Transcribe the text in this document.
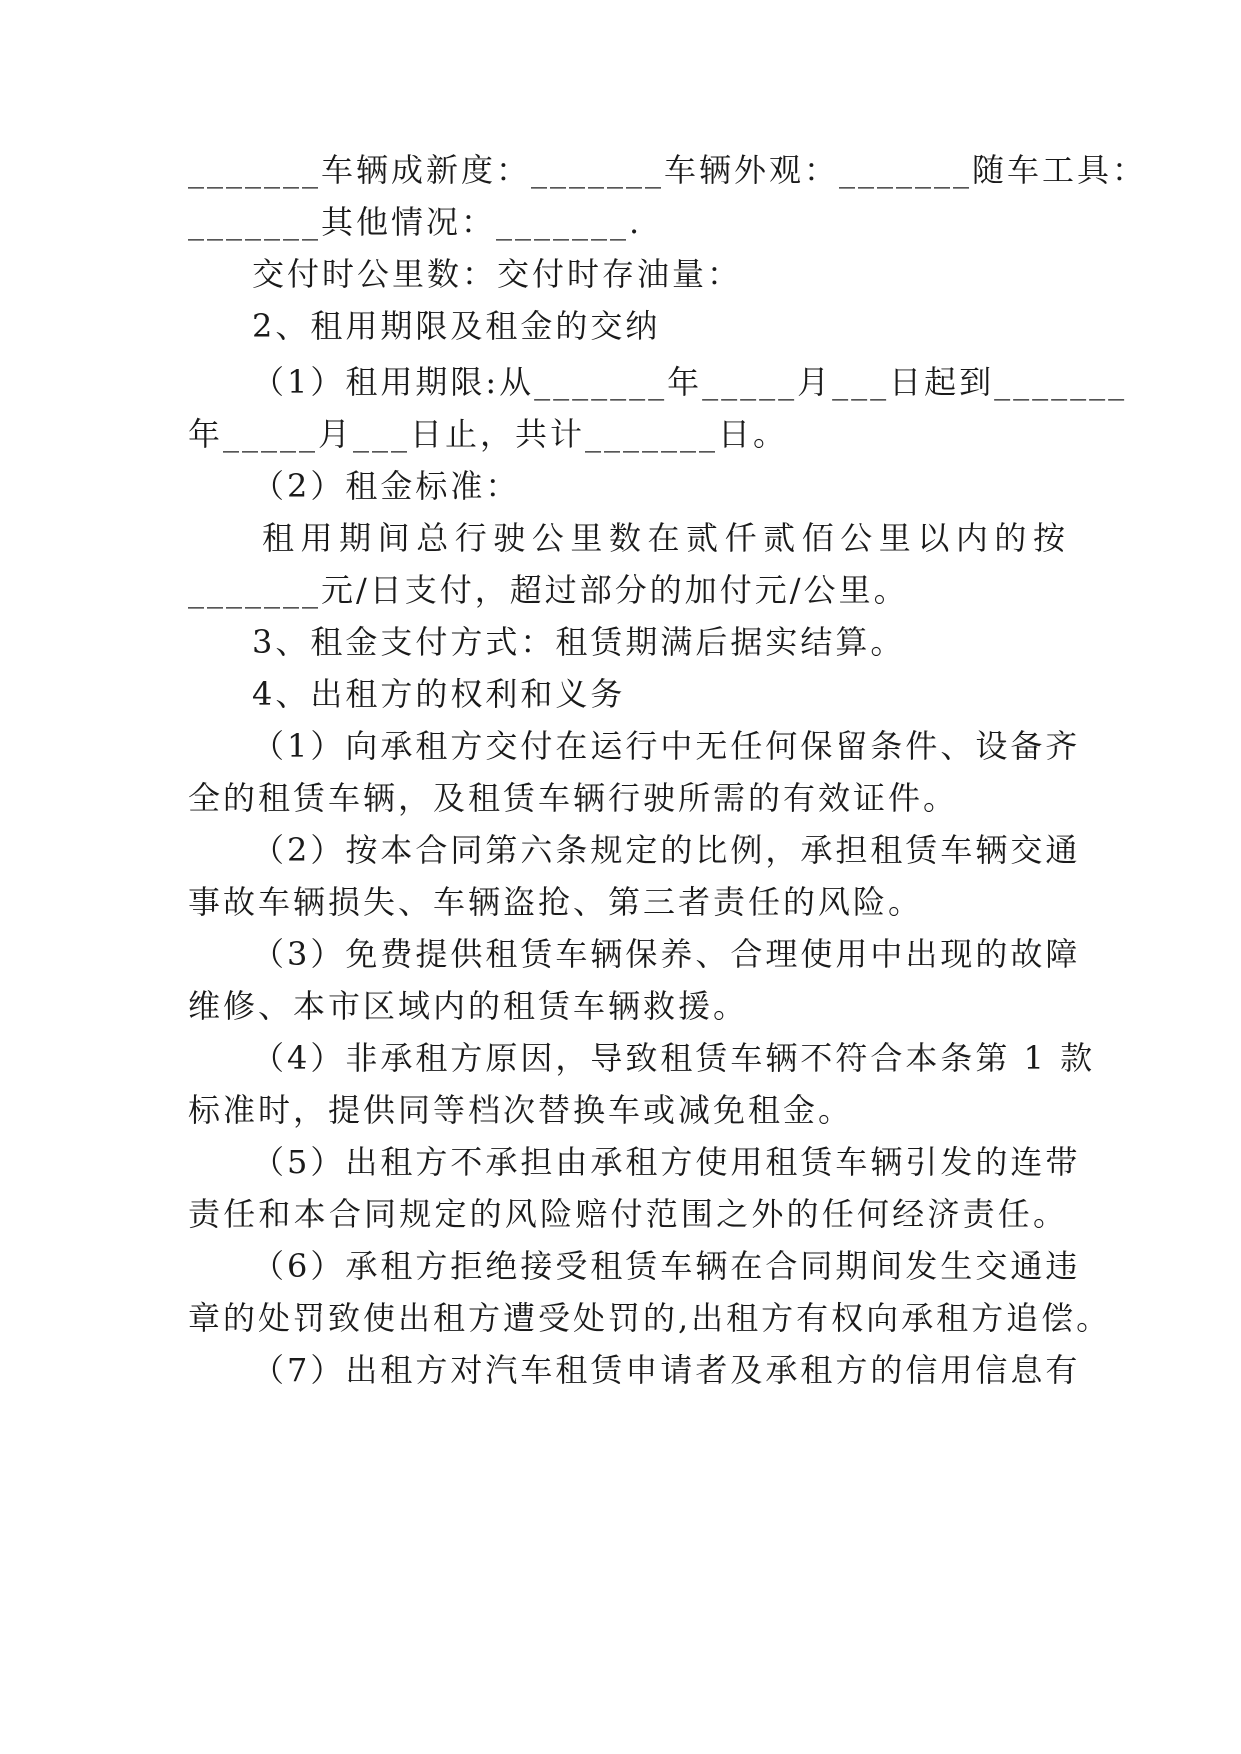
_______车辆成新度：_______车辆外观：_______随车工具：
_______其他情况：_______.
交付时公里数：交付时存油量：
2、租用期限及租金的交纳
（1）租用期限:从_______年_____月___日起到_______
年_____月___日止，共计_______日。
（2）租金标准：
租用期间总行驶公里数在贰仟贰佰公里以内的按
_______元/日支付，超过部分的加付元/公里。
3、租金支付方式：租赁期满后据实结算。
4、出租方的权利和义务
（1）向承租方交付在运行中无任何保留条件、设备齐
全的租赁车辆，及租赁车辆行驶所需的有效证件。
（2）按本合同第六条规定的比例，承担租赁车辆交通
事故车辆损失、车辆盗抢、第三者责任的风险。
（3）免费提供租赁车辆保养、合理使用中出现的故障
维修、本市区域内的租赁车辆救援。
（4）非承租方原因，导致租赁车辆不符合本条第 1 款
标准时，提供同等档次替换车或减免租金。
（5）出租方不承担由承租方使用租赁车辆引发的连带
责任和本合同规定的风险赔付范围之外的任何经济责任。
（6）承租方拒绝接受租赁车辆在合同期间发生交通违
章的处罚致使出租方遭受处罚的,出租方有权向承租方追偿。
（7）出租方对汽车租赁申请者及承租方的信用信息有
